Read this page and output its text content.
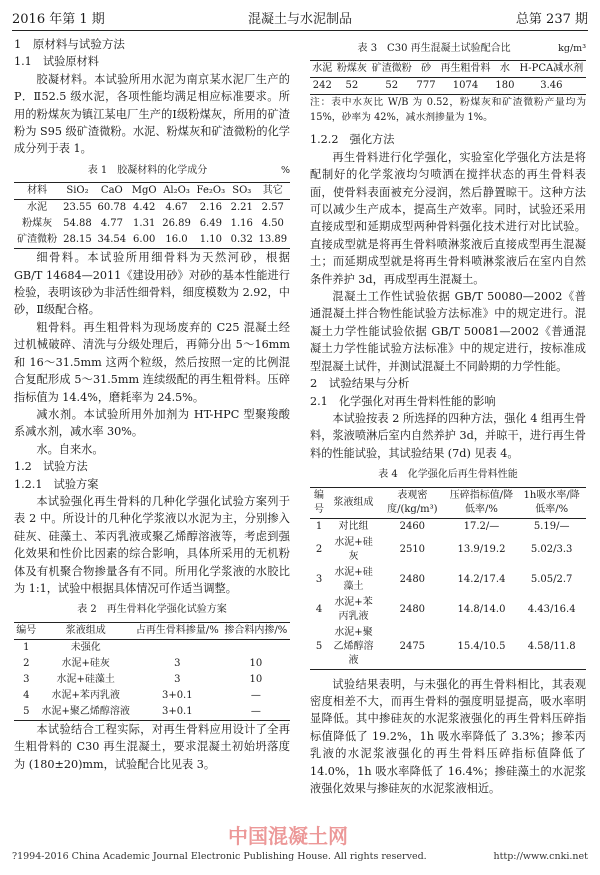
2016 年第 1 期	混凝土与水泥制品	总第 237 期
1　原材料与试验方法
1.1　试验原材料

胶凝材料。本试验所用水泥为南京某水泥厂生产的 P．Ⅱ52.5 级水泥，各项性能均满足相应标准要求。所用的粉煤灰为镇江某电厂生产的Ⅰ级粉煤灰，所用的矿渣粉为 S95 级矿渣微粉。水泥、粉煤灰和矿渣微粉的化学成分列于表 1。

表 1　胶凝材料的化学成分	%
材料	SiO₂	CaO	MgO	Al₂O₃	Fe₂O₃	SO₃	其它
水泥	23.55	60.78	4.42	4.67	2.16	2.21	2.57
粉煤灰	54.88	4.77	1.31	26.89	6.49	1.16	4.50
矿渣微粉	28.15	34.54	6.00	16.0	1.10	0.32	13.89

细骨料。本试验所用细骨料为天然河砂，根据 GB/T 14684—2011《建设用砂》对砂的基本性能进行检验，表明该砂为非活性细骨料，细度模数为 2.92，中砂，Ⅱ级配合格。

粗骨料。再生粗骨料为现场废弃的 C25 混凝土经过机械破碎、清洗与分级处理后，再筛分出 5～16mm 和 16～31.5mm 这两个粒级，然后按照一定的比例混合复配形成 5～31.5mm 连续级配的再生粗骨料。压碎指标值为 14.4%，磨耗率为 24.5%。

减水剂。本试验所用外加剂为 HT-HPC 型聚羧酸系减水剂，减水率 30%。

水。自来水。

1.2　试验方法
1.2.1　试验方案

本试验强化再生骨料的几种化学强化试验方案列于表 2 中。所设计的几种化学浆液以水泥为主，分别掺入硅灰、硅藻土、苯丙乳液或聚乙烯醇溶液等，考虑到强化效果和性价比因素的综合影响，具体所采用的无机粉体及有机聚合物掺量各有不同。所用化学浆液的水胶比为 1:1，试验中根据具体情况可作适当调整。

表 2　再生骨料化学强化试验方案
编号	浆液组成	占再生骨料掺量/%	掺合料内掺/%
1	未强化		
2	水泥+硅灰	3	10
3	水泥+硅藻土	3	10
4	水泥+苯丙乳液	3+0.1	—
5	水泥+聚乙烯醇溶液	3+0.1	—

本试验结合工程实际，对再生骨料应用设计了全再生粗骨料的 C30 再生混凝土，要求混凝土初始坍落度为 (180±20)mm，试验配合比见表 3。

表 3　C30 再生混凝土试验配合比	kg/m³
水泥	粉煤灰	矿渣微粉	砂	再生粗骨料	水	H-PCA减水剂
242	52	52	777	1074	180	3.46

注：表中水灰比 W/B 为 0.52，粉煤灰和矿渣微粉产量均为 15%，砂率为 42%，减水剂掺量为 1%。

1.2.2　强化方法

再生骨料进行化学强化，实验室化学强化方法是将配制好的化学浆液均匀喷洒在搅拌状态的再生骨料表面，使骨料表面被充分浸润，然后静置晾干。这种方法可以减少生产成本，提高生产效率。同时，试验还采用直接成型和延期成型两种骨料强化技术进行对比试验。直接成型就是将再生骨料喷淋浆液后直接成型再生混凝土；而延期成型就是将再生骨料喷淋浆液后在室内自然条件养护 3d，再成型再生混凝土。

混凝土工作性试验依据 GB/T 50080—2002《普通混凝土拌合物性能试验方法标准》中的规定进行。混凝土力学性能试验依据 GB/T 50081—2002《普通混凝土力学性能试验方法标准》中的规定进行，按标准成型混凝土试件，并测试混凝土不同龄期的力学性能。

2　试验结果与分析
2.1　化学强化对再生骨料性能的影响

本试验按表 2 所选择的四种方法，强化 4 组再生骨料，浆液喷淋后室内自然养护 3d，并晾干，进行再生骨料的性能试验，其试验结果 (7d) 见表 4。

表 4　化学强化后再生骨料性能
编号	浆液组成	表观密度/(kg/m³)	压碎指标值/降低率/%	1h吸水率/降低率/%
1	对比组	2460	17.2/—	5.19/—
2	水泥+硅灰	2510	13.9/19.2	5.02/3.3
3	水泥+硅藻土	2480	14.2/17.4	5.05/2.7
4	水泥+苯丙乳液	2480	14.8/14.0	4.43/16.4
5	水泥+聚乙烯醇溶液	2475	15.4/10.5	4.58/11.8

试验结果表明，与未强化的再生骨料相比，其表观密度相差不大，而再生骨料的强度明显提高，吸水率明显降低。其中掺硅灰的水泥浆液强化的再生骨料压碎指标值降低了 19.2%，1h 吸水率降低了 3.3%；掺苯丙乳液的水泥浆液强化的再生骨料压碎指标值降低了 14.0%，1h 吸水率降低了 16.4%；掺硅藻土的水泥浆液强化效果与掺硅灰的水泥浆液相近。

中国混凝土网
?1994-2016 China Academic Journal Electronic Publishing House. All rights reserved.	http://www.cnki.net
